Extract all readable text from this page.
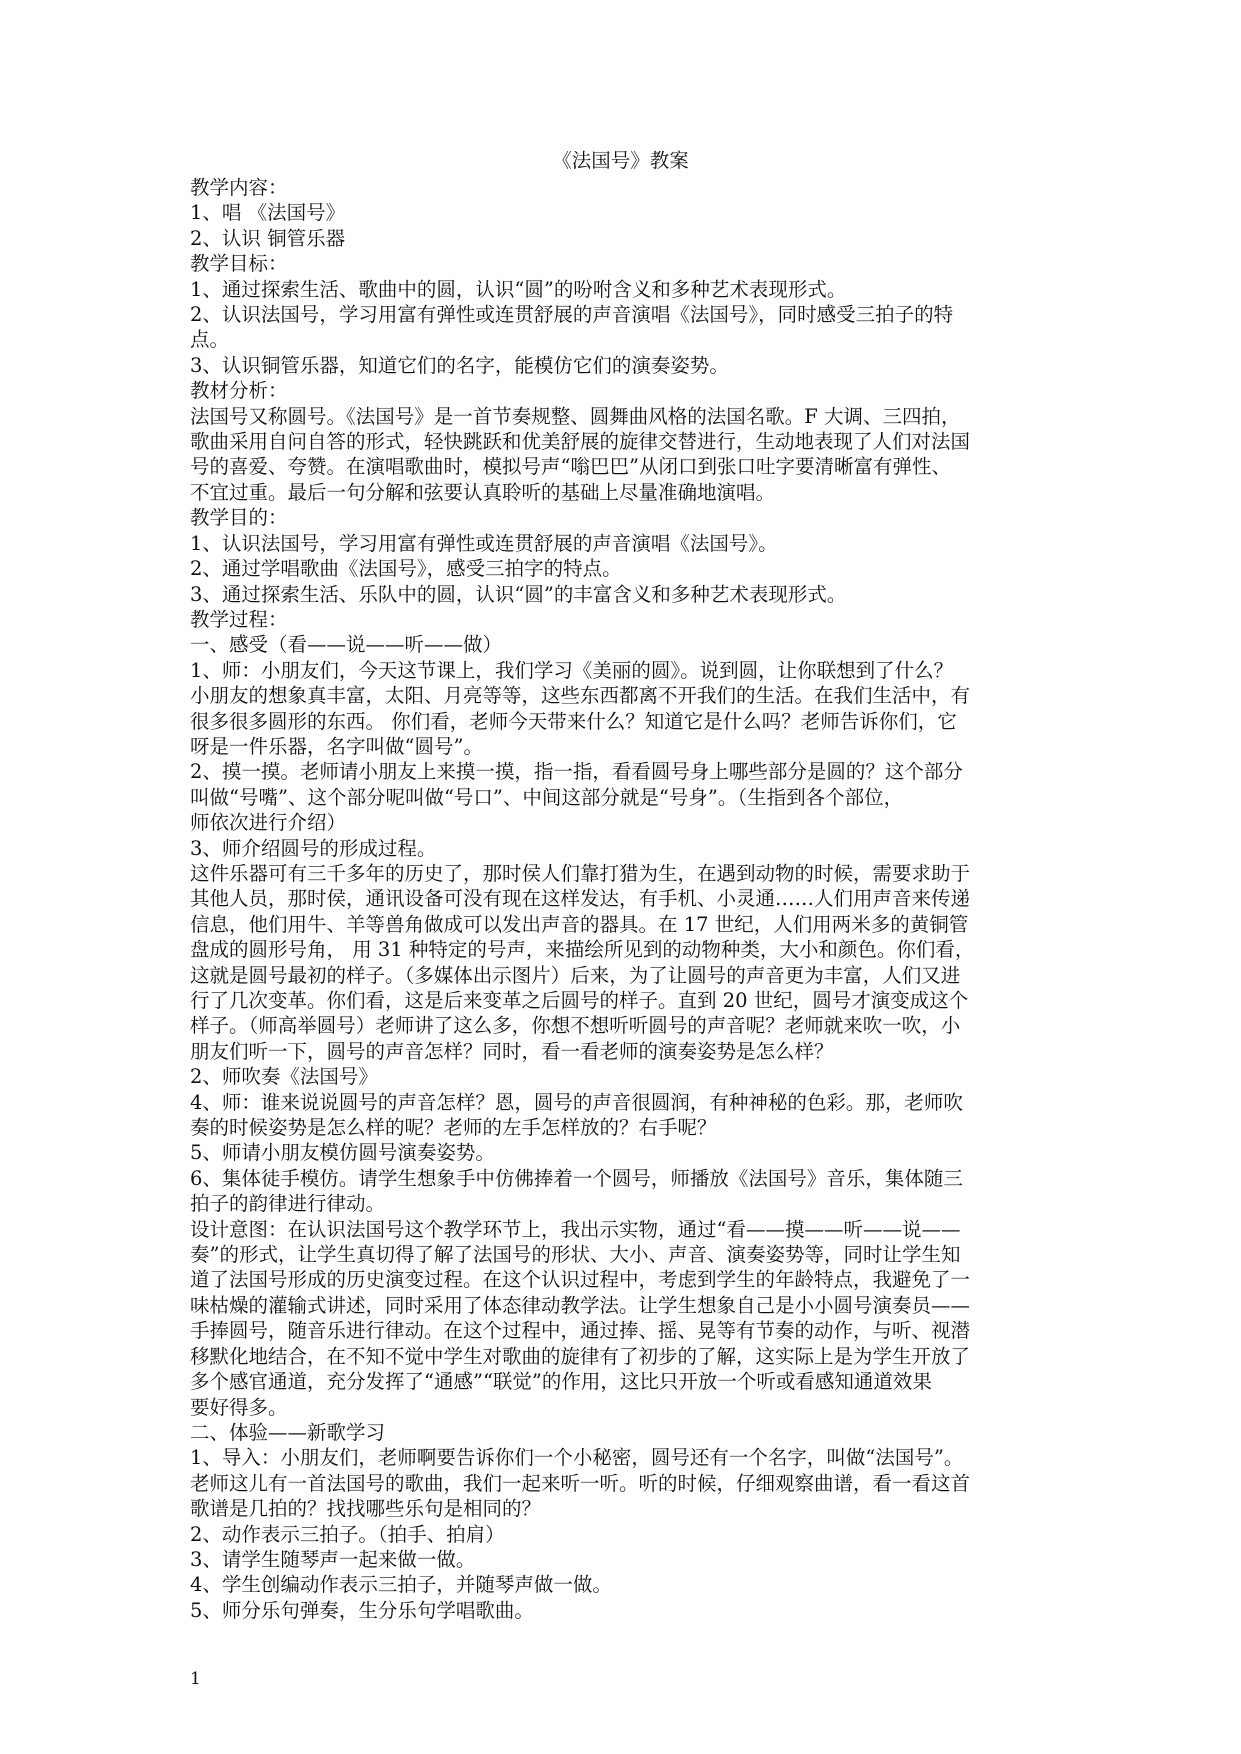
《法国号》教案
教学内容：
1、唱 《法国号》
2、认识 铜管乐器
教学目标：
1、通过探索生活、歌曲中的圆，认识“圆”的吩咐含义和多种艺术表现形式。
2、认识法国号，学习用富有弹性或连贯舒展的声音演唱《法国号》，同时感受三拍子的特
点。
3、认识铜管乐器，知道它们的名字，能模仿它们的演奏姿势。
教材分析：
法国号又称圆号。《法国号》是一首节奏规整、圆舞曲风格的法国名歌。F 大调、三四拍，
歌曲采用自问自答的形式，轻快跳跃和优美舒展的旋律交替进行，生动地表现了人们对法国
号的喜爱、夸赞。在演唱歌曲时，模拟号声“嗡巴巴”从闭口到张口吐字要清晰富有弹性、
不宜过重。最后一句分解和弦要认真聆听的基础上尽量准确地演唱。
教学目的：
1、认识法国号，学习用富有弹性或连贯舒展的声音演唱《法国号》。
2、通过学唱歌曲《法国号》，感受三拍字的特点。
3、通过探索生活、乐队中的圆，认识“圆”的丰富含义和多种艺术表现形式。
教学过程：
一、感受（看——说——听——做）
1、师：小朋友们，今天这节课上，我们学习《美丽的圆》。说到圆，让你联想到了什么？
小朋友的想象真丰富，太阳、月亮等等，这些东西都离不开我们的生活。在我们生活中，有
很多很多圆形的东西。 你们看，老师今天带来什么？知道它是什么吗？老师告诉你们，它
呀是一件乐器，名字叫做“圆号”。
2、摸一摸。老师请小朋友上来摸一摸，指一指，看看圆号身上哪些部分是圆的？这个部分
叫做“号嘴”、这个部分呢叫做“号口”、中间这部分就是“号身”。（生指到各个部位，
师依次进行介绍）
3、师介绍圆号的形成过程。
这件乐器可有三千多年的历史了，那时侯人们靠打猎为生，在遇到动物的时候，需要求助于
其他人员，那时侯，通讯设备可没有现在这样发达，有手机、小灵通……人们用声音来传递
信息，他们用牛、羊等兽角做成可以发出声音的器具。在 17 世纪，人们用两米多的黄铜管
盘成的圆形号角， 用 31 种特定的号声，来描绘所见到的动物种类，大小和颜色。你们看，
这就是圆号最初的样子。（多媒体出示图片）后来，为了让圆号的声音更为丰富，人们又进
行了几次变革。你们看，这是后来变革之后圆号的样子。直到 20 世纪，圆号才演变成这个
样子。（师高举圆号）老师讲了这么多，你想不想听听圆号的声音呢？老师就来吹一吹，小
朋友们听一下，圆号的声音怎样？同时，看一看老师的演奏姿势是怎么样？
2、师吹奏《法国号》
4、师：谁来说说圆号的声音怎样？恩，圆号的声音很圆润，有种神秘的色彩。那，老师吹
奏的时候姿势是怎么样的呢？老师的左手怎样放的？右手呢？
5、师请小朋友模仿圆号演奏姿势。
6、集体徒手模仿。请学生想象手中仿佛捧着一个圆号，师播放《法国号》音乐，集体随三
拍子的韵律进行律动。
设计意图：在认识法国号这个教学环节上，我出示实物，通过“看——摸——听——说——
奏”的形式，让学生真切得了解了法国号的形状、大小、声音、演奏姿势等，同时让学生知
道了法国号形成的历史演变过程。在这个认识过程中，考虑到学生的年龄特点，我避免了一
味枯燥的灌输式讲述，同时采用了体态律动教学法。让学生想象自己是小小圆号演奏员——
手捧圆号，随音乐进行律动。在这个过程中，通过捧、摇、晃等有节奏的动作，与听、视潜
移默化地结合，在不知不觉中学生对歌曲的旋律有了初步的了解，这实际上是为学生开放了
多个感官通道，充分发挥了“通感”“联觉”的作用，这比只开放一个听或看感知通道效果
要好得多。
二、体验——新歌学习
1、导入：小朋友们，老师啊要告诉你们一个小秘密，圆号还有一个名字，叫做“法国号”。
老师这儿有一首法国号的歌曲，我们一起来听一听。听的时候，仔细观察曲谱，看一看这首
歌谱是几拍的？找找哪些乐句是相同的？
2、动作表示三拍子。（拍手、拍肩）
3、请学生随琴声一起来做一做。
4、学生创编动作表示三拍子，并随琴声做一做。
5、师分乐句弹奏，生分乐句学唱歌曲。
1
